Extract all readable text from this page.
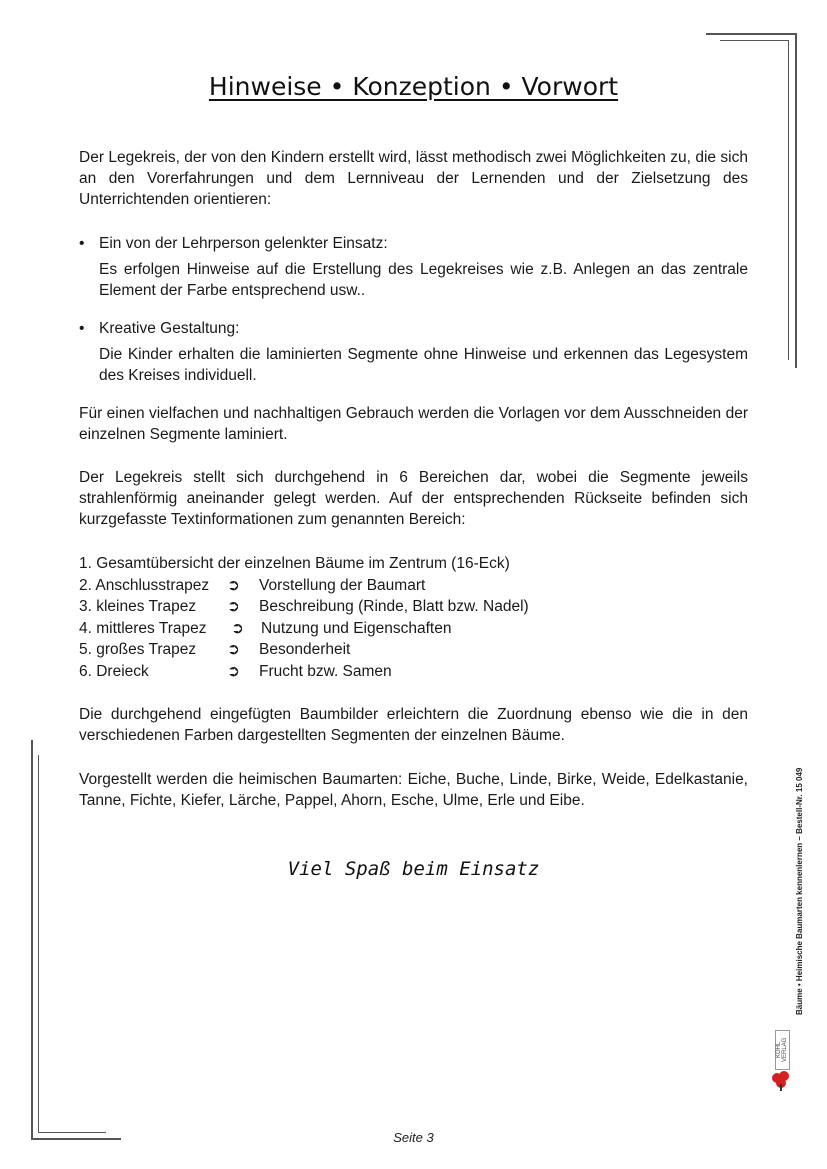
Hinweise • Konzeption • Vorwort

Der Legekreis, der von den Kindern erstellt wird, lässt methodisch zwei Möglichkeiten zu, die sich an den Vorerfahrungen und dem Lernniveau der Lernenden und der Zielsetzung des Unterrichtenden orientieren:

• Ein von der Lehrperson gelenkter Einsatz:
Es erfolgen Hinweise auf die Erstellung des Legekreises wie z.B. Anlegen an das zentrale Element der Farbe entsprechend usw..
• Kreative Gestaltung:
Die Kinder erhalten die laminierten Segmente ohne Hinweise und erkennen das Legesystem des Kreises individuell.

Für einen vielfachen und nachhaltigen Gebrauch werden die Vorlagen vor dem Ausschneiden der einzelnen Segmente laminiert.

Der Legekreis stellt sich durchgehend in 6 Bereichen dar, wobei die Segmente jeweils strahlenförmig aneinander gelegt werden. Auf der entsprechenden Rückseite befinden sich kurzgefasste Textinformationen zum genannten Bereich:

1. Gesamtübersicht der einzelnen Bäume im Zentrum (16-Eck)
2. Anschlusstrapez ➲ Vorstellung der Baumart
3. kleines Trapez ➲ Beschreibung (Rinde, Blatt bzw. Nadel)
4. mittleres Trapez ➲ Nutzung und Eigenschaften
5. großes Trapez ➲ Besonderheit
6. Dreieck	➲ Frucht bzw. Samen

Die durchgehend eingefügten Baumbilder erleichtern die Zuordnung ebenso wie die in den verschiedenen Farben dargestellten Segmenten der einzelnen Bäume.

Vorgestellt werden die heimischen Baumarten: Eiche, Buche, Linde, Birke, Weide, Edelkastanie, Tanne, Fichte, Kiefer, Lärche, Pappel, Ahorn, Esche, Ulme, Erle und Eibe.

Viel Spaß beim Einsatz	Bäume • Heimische Baumarten kennenlernen – Bestell-Nr. 15 049
KOHL VERLAG
Seite 3
